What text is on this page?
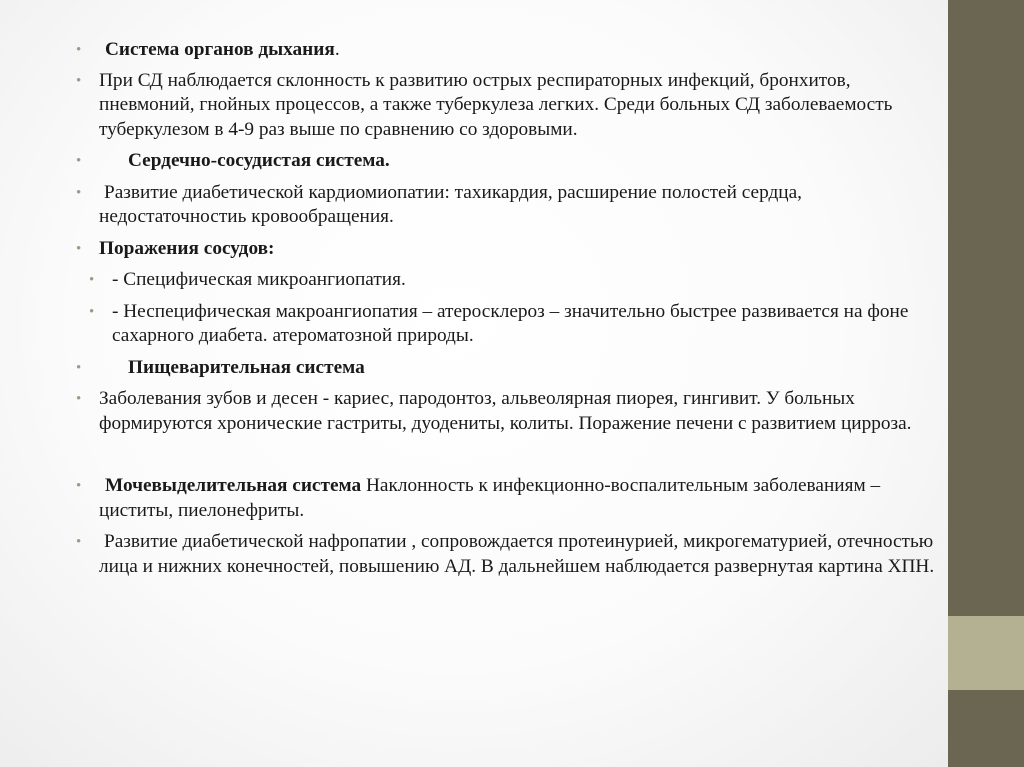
• Система органов дыхания.
• При СД наблюдается склонность к развитию острых респираторных инфекций, бронхитов, пневмоний, гнойных процессов, а также туберкулеза легких. Среди больных СД заболеваемость туберкулезом в 4-9 раз выше по сравнению со здоровыми.
• Сердечно-сосудистая система.
• Развитие диабетической кардиомиопатии: тахикардия, расширение полостей сердца, недостаточностиь кровообращения.
• Поражения сосудов:
• - Специфическая микроангиопатия.
• - Неспецифическая макроангиопатия – атеросклероз – значительно быстрее развивается на фоне сахарного диабета. атероматозной природы.
• Пищеварительная система
• Заболевания зубов и десен - кариес, пародонтоз, альвеолярная пиорея, гингивит. У больных формируются хронические гастриты, дуодениты, колиты. Поражение печени с развитием цирроза.
• Мочевыделительная система Наклонность к инфекционно-воспалительным заболеваниям – циститы, пиелонефриты.
• Развитие диабетической нафропатии , сопровождается протеинурией, микрогематурией, отечностью лица и нижних конечностей, повышению АД. В дальнейшем наблюдается развернутая картина ХПН.
